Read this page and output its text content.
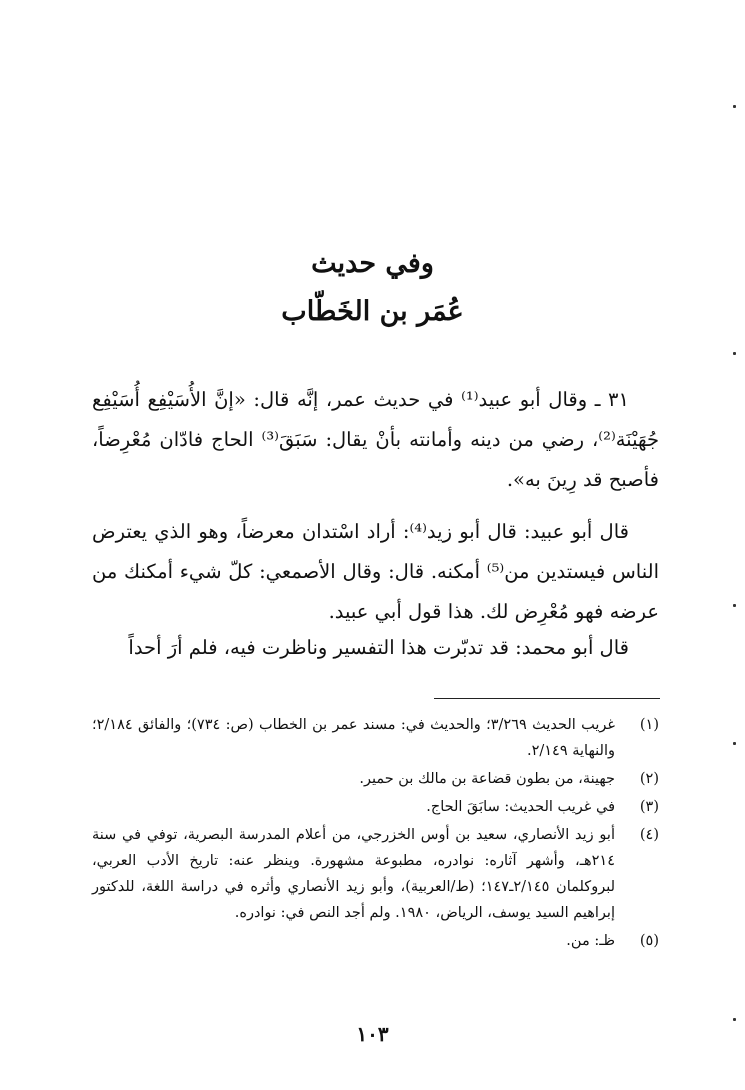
وفي حديث
عُمَر بن الخَطّاب

٣١ ـ وقال أبو عبيد⁽¹⁾ في حديث عمر، إنَّه قال: «إنَّ الأُسَيْفِع أُسَيْفِع جُهَيْنَة⁽²⁾، رضي من دينه وأمانته بأنْ يقال: سَبَقَ⁽³⁾ الحاج فادّان مُعْرِضاً، فأصبح قد رِينَ به».

قال أبو عبيد: قال أبو زيد⁽⁴⁾: أراد اسْتدان معرضاً، وهو الذي يعترض الناس فيستدين من⁽⁵⁾ أمكنه. قال: وقال الأصمعي: كلّ شيء أمكنك من عرضه فهو مُعْرِض لك. هذا قول أبي عبيد.

قال أبو محمد: قد تدبّرت هذا التفسير وناظرت فيه، فلم أرَ أحداً

(١)
غريب الحديث ٣/٢٦٩؛ والحديث في: مسند عمر بن الخطاب (ص: ٧٣٤)؛ والفائق ٢/١٨٤؛ والنهاية ٢/١٤٩.
(٢)
جهينة، من بطون قضاعة بن مالك بن حمير.
(٣)
في غريب الحديث: سابَقَ الحاج.
(٤)
أبو زيد الأنصاري، سعيد بن أوس الخزرجي، من أعلام المدرسة البصرية، توفي في سنة ٢١٤هـ، وأشهر آثاره: نوادره، مطبوعة مشهورة. وينظر عنه: تاريخ الأدب العربي، لبروكلمان ٢/١٤٥ـ١٤٧؛ (ط/العربية)، وأبو زيد الأنصاري وأثره في دراسة اللغة، للدكتور إبراهيم السيد يوسف، الرياض، ١٩٨٠. ولم أجد النص في: نوادره.
(٥)
ظـ: من.
١٠٣
